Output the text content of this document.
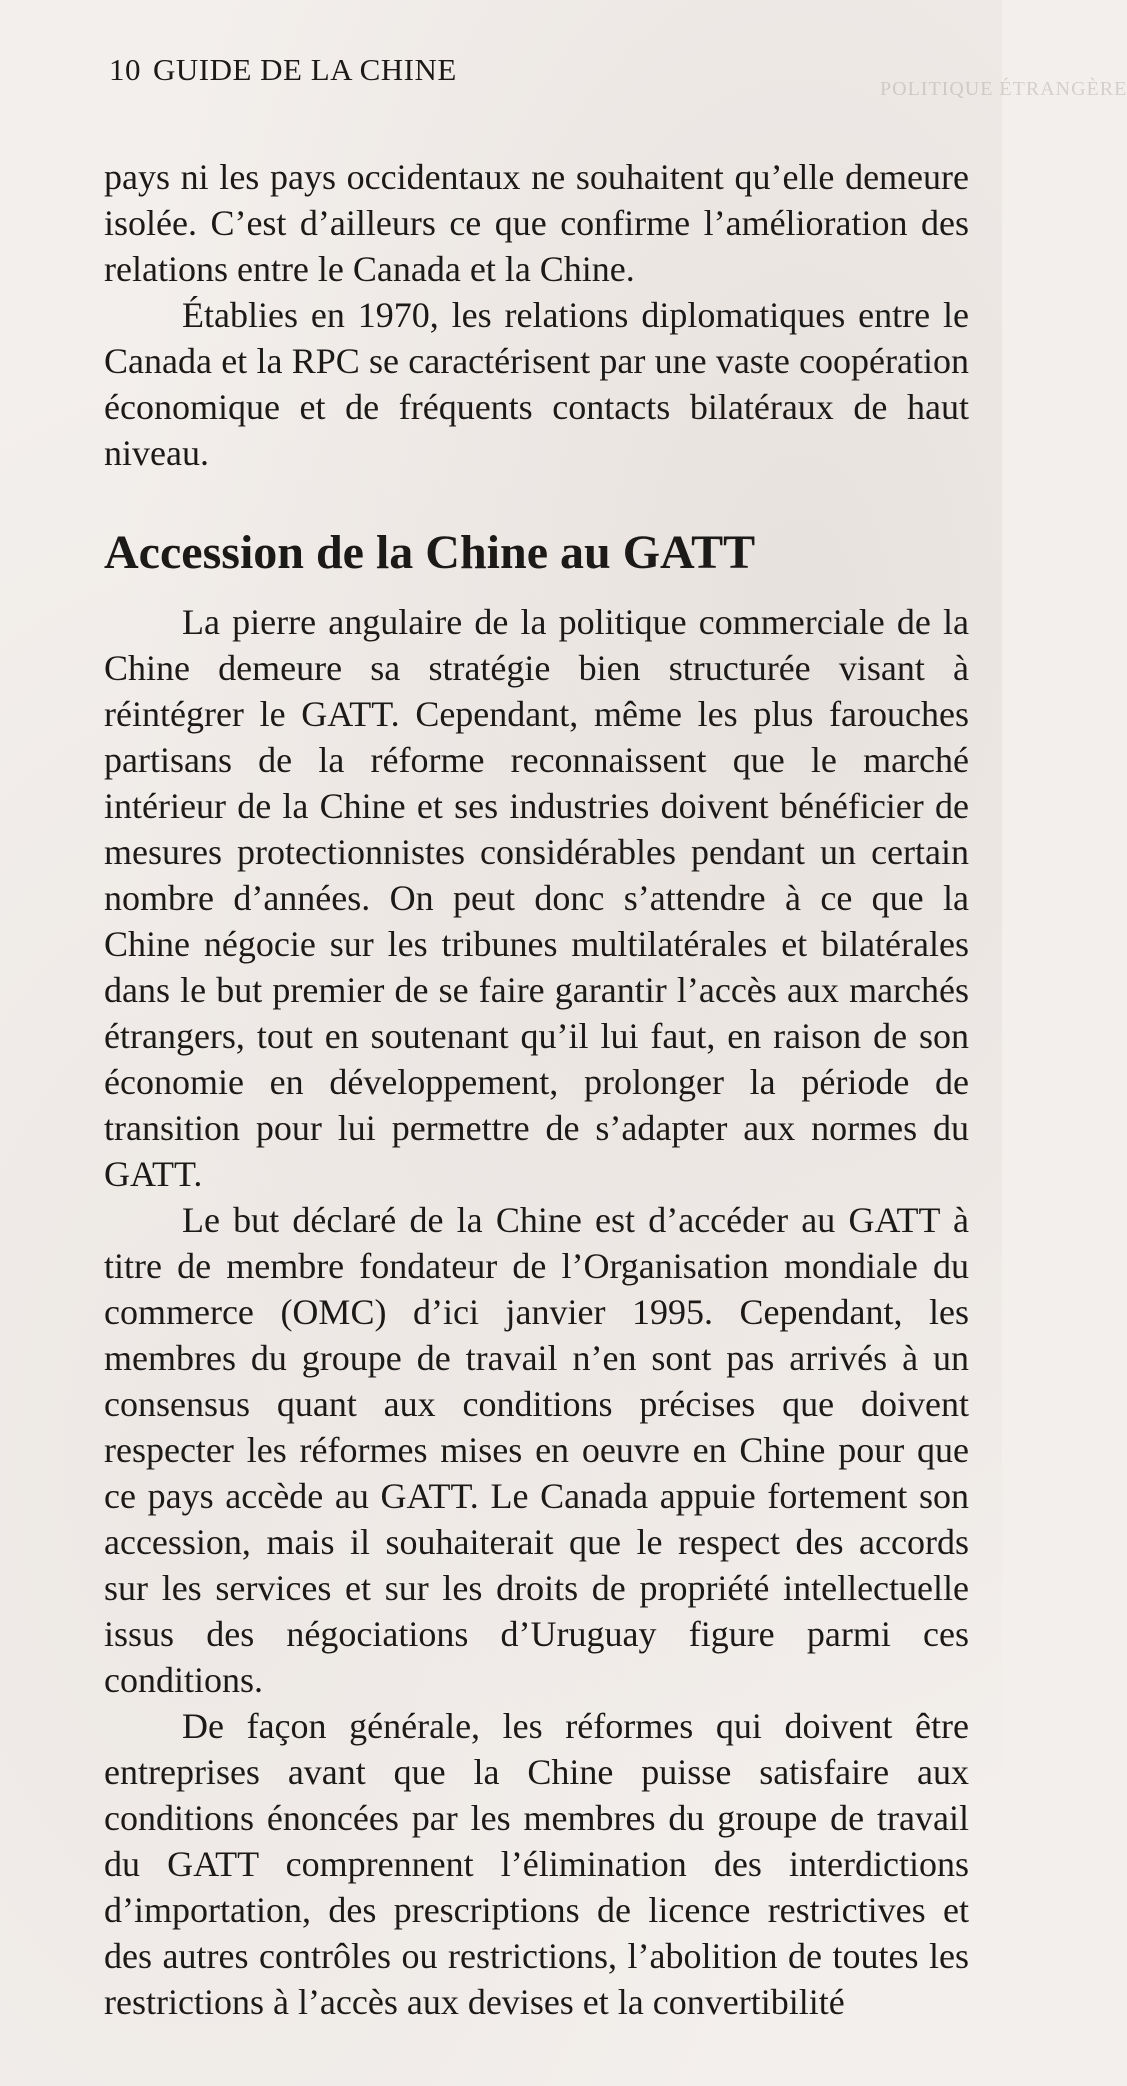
10 GUIDE DE LA CHINE
POLITIQUE ÉTRANGÈRE

pays ni les pays occidentaux ne souhaitent qu’elle demeure isolée. C’est d’ailleurs ce que confirme l’amélioration des relations entre le Canada et la Chine.

Établies en 1970, les relations diplomatiques entre le Canada et la RPC se caractérisent par une vaste coopération économique et de fréquents contacts bilatéraux de haut niveau.

Accession de la Chine au GATT

La pierre angulaire de la politique commerciale de la Chine demeure sa stratégie bien structurée visant à réintégrer le GATT. Cependant, même les plus farouches partisans de la réforme reconnaissent que le marché intérieur de la Chine et ses industries doivent bénéficier de mesures protectionnistes considérables pendant un certain nombre d’années. On peut donc s’attendre à ce que la Chine négocie sur les tribunes multilatérales et bilatérales dans le but premier de se faire garantir l’accès aux marchés étrangers, tout en soutenant qu’il lui faut, en raison de son économie en développement, prolonger la période de transition pour lui permettre de s’adapter aux normes du GATT.

Le but déclaré de la Chine est d’accéder au GATT à titre de membre fondateur de l’Organisation mondiale du commerce (OMC) d’ici janvier 1995. Cependant, les membres du groupe de travail n’en sont pas arrivés à un consensus quant aux conditions précises que doivent respecter les réformes mises en oeuvre en Chine pour que ce pays accède au GATT. Le Canada appuie fortement son accession, mais il souhaiterait que le respect des accords sur les services et sur les droits de propriété intellectuelle issus des négociations d’Uruguay figure parmi ces conditions.

De façon générale, les réformes qui doivent être entreprises avant que la Chine puisse satisfaire aux conditions énoncées par les membres du groupe de travail du GATT comprennent l’élimination des interdictions d’importation, des prescriptions de licence restrictives et des autres contrôles ou restrictions, l’abolition de toutes les restrictions à l’accès aux devises et la convertibilité
